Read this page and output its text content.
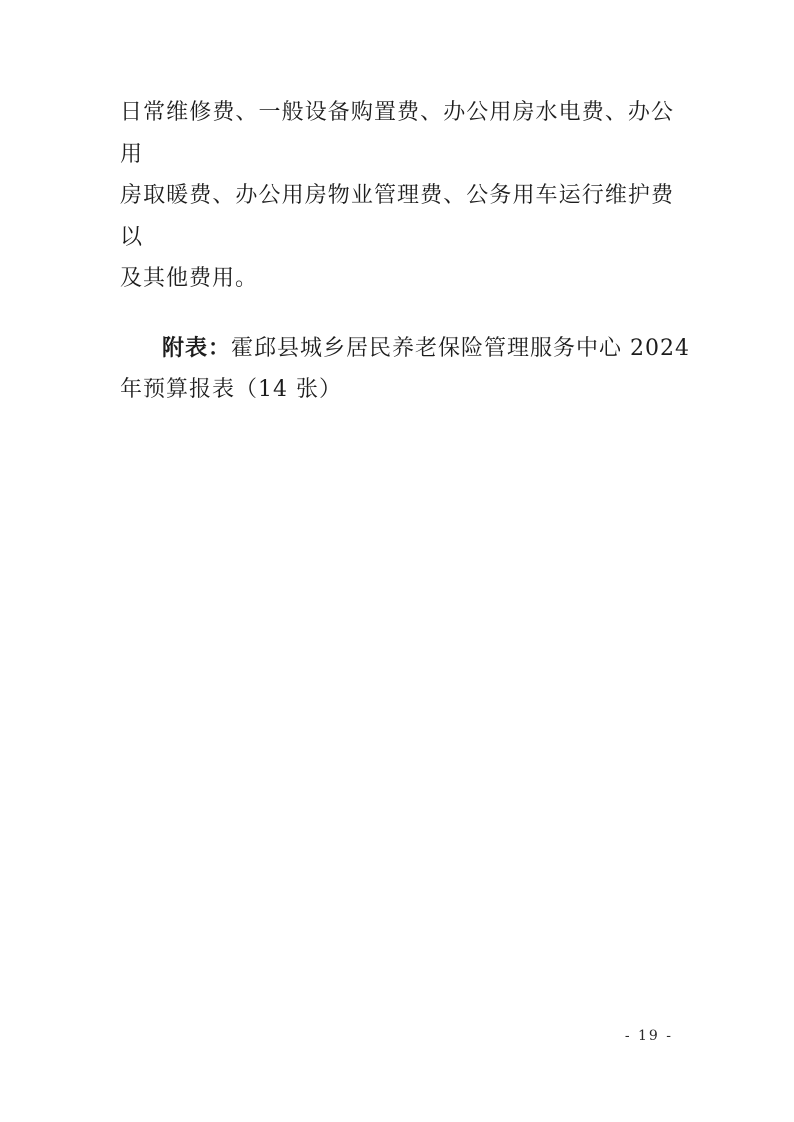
日常维修费、一般设备购置费、办公用房水电费、办公用
房取暖费、办公用房物业管理费、公务用车运行维护费以
及其他费用。
附表：霍邱县城乡居民养老保险管理服务中心 2024
年预算报表（14 张）
- 19 -
